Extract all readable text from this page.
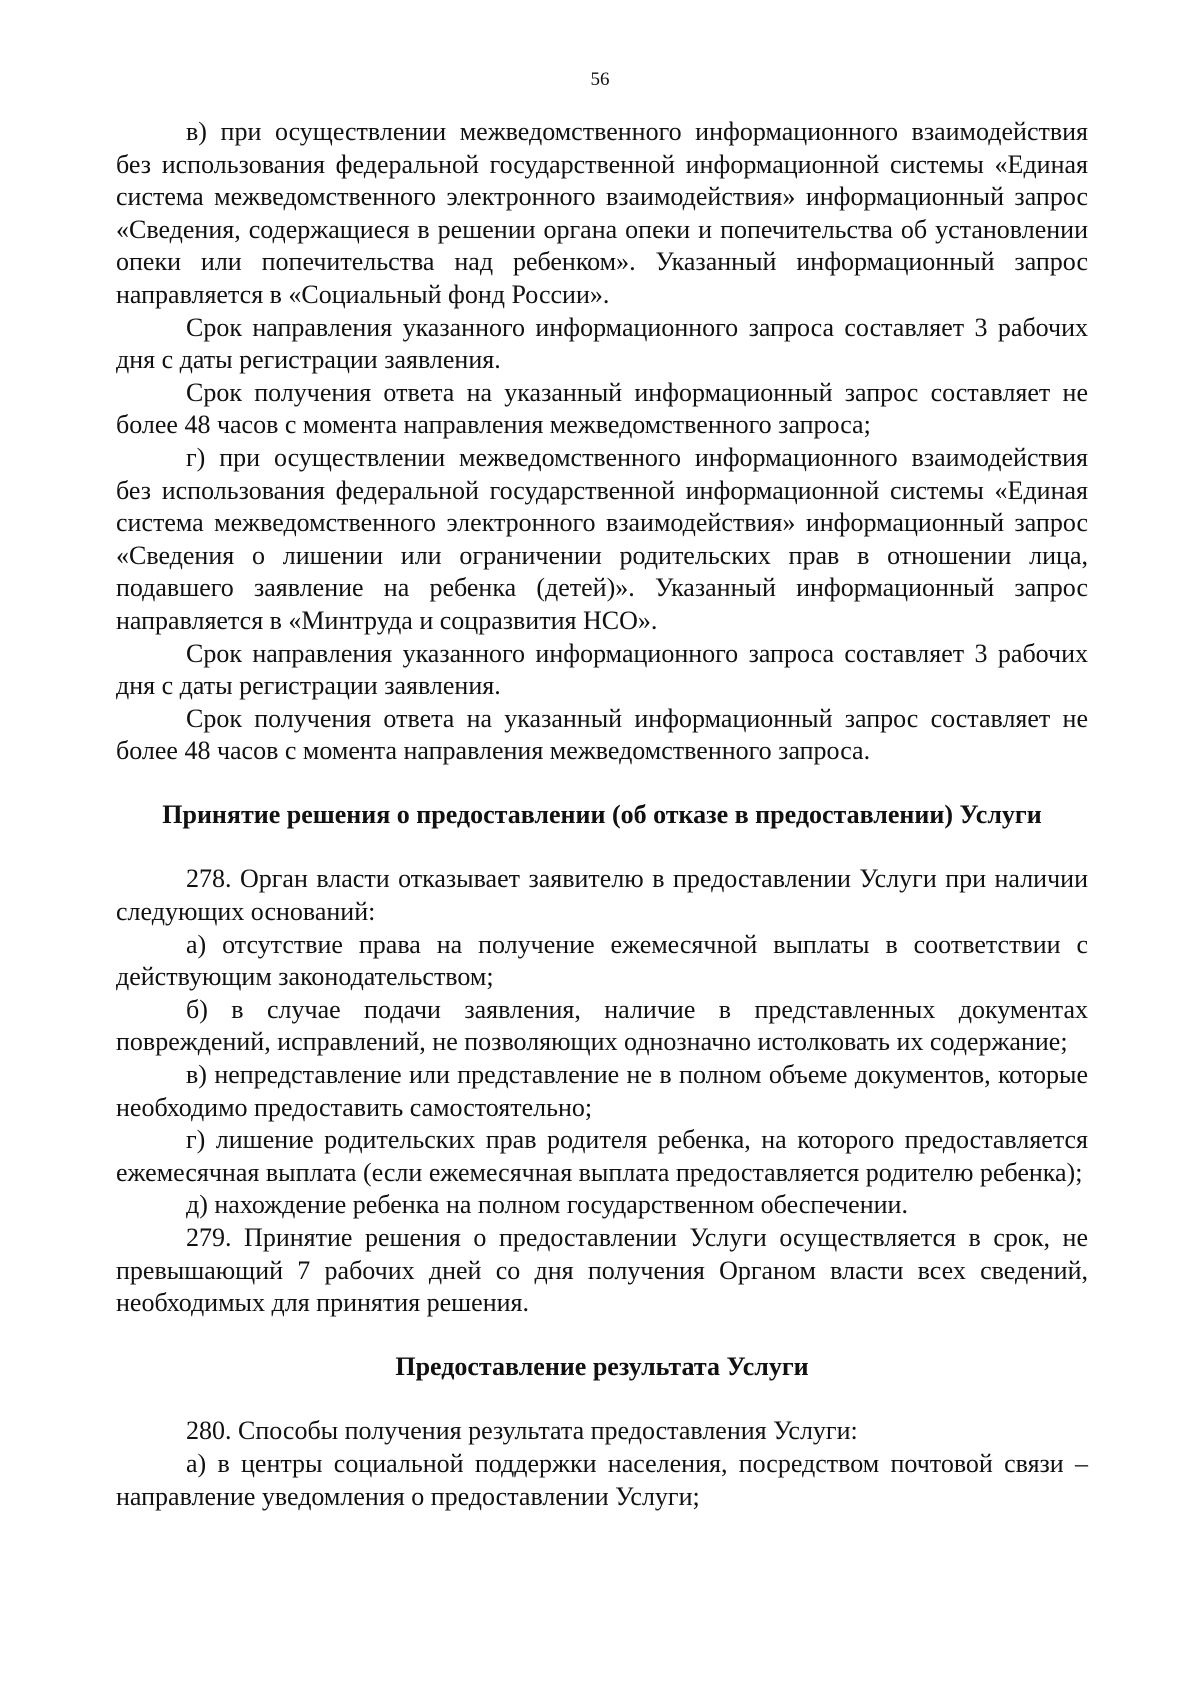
56

в) при осуществлении межведомственного информационного взаимодействия без использования федеральной государственной информационной системы «Единая система межведомственного электронного взаимодействия» информационный запрос «Сведения, содержащиеся в решении органа опеки и попечительства об установлении опеки или попечительства над ребенком». Указанный информационный запрос направляется в «Социальный фонд России».

Срок направления указанного информационного запроса составляет 3 рабочих дня с даты регистрации заявления.

Срок получения ответа на указанный информационный запрос составляет не более 48 часов с момента направления межведомственного запроса;

г) при осуществлении межведомственного информационного взаимодействия без использования федеральной государственной информационной системы «Единая система межведомственного электронного взаимодействия» информационный запрос «Сведения о лишении или ограничении родительских прав в отношении лица, подавшего заявление на ребенка (детей)». Указанный информационный запрос направляется в «Минтруда и соцразвития НСО».

Срок направления указанного информационного запроса составляет 3 рабочих дня с даты регистрации заявления.

Срок получения ответа на указанный информационный запрос составляет не более 48 часов с момента направления межведомственного запроса.

Принятие решения о предоставлении (об отказе в предоставлении) Услуги

278. Орган власти отказывает заявителю в предоставлении Услуги при наличии следующих оснований:

а) отсутствие права на получение ежемесячной выплаты в соответствии с действующим законодательством;

б) в случае подачи заявления, наличие в представленных документах повреждений, исправлений, не позволяющих однозначно истолковать их содержание;

в) непредставление или представление не в полном объеме документов, которые необходимо предоставить самостоятельно;

г) лишение родительских прав родителя ребенка, на которого предоставляется ежемесячная выплата (если ежемесячная выплата предоставляется родителю ребенка);

д) нахождение ребенка на полном государственном обеспечении.

279. Принятие решения о предоставлении Услуги осуществляется в срок, не превышающий 7 рабочих дней со дня получения Органом власти всех сведений, необходимых для принятия решения.

Предоставление результата Услуги

280. Способы получения результата предоставления Услуги:

а) в центры социальной поддержки населения, посредством почтовой связи – направление уведомления о предоставлении Услуги;
